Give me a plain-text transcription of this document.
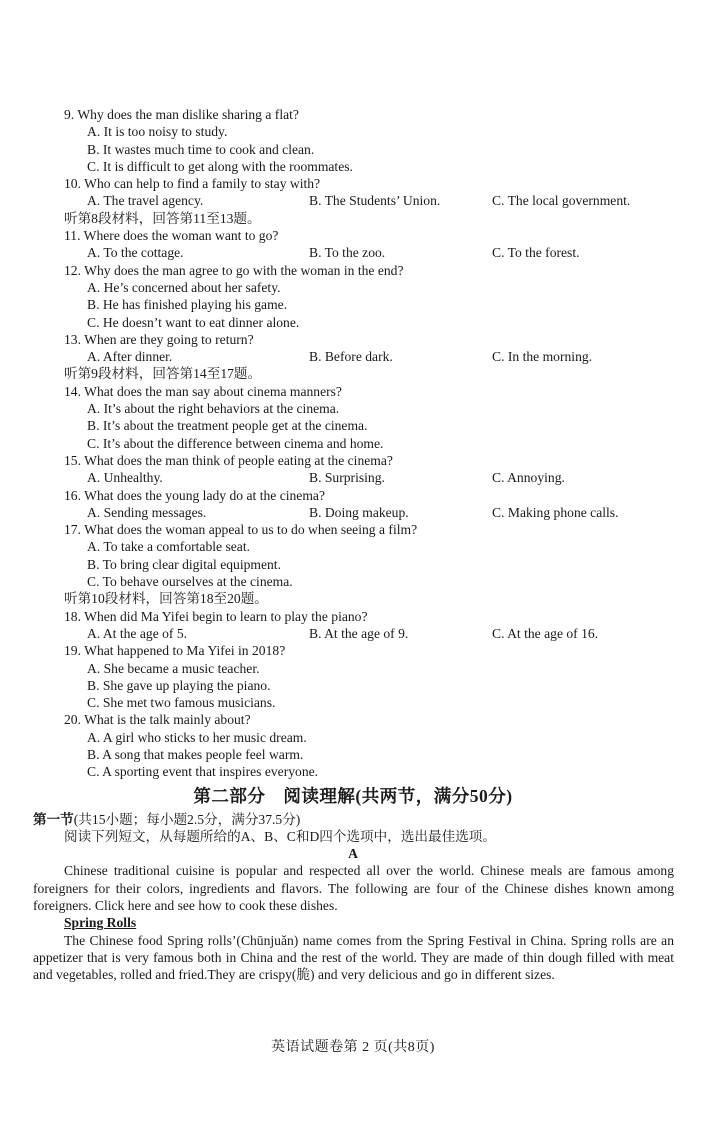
9. Why does the man dislike sharing a flat?
A. It is too noisy to study.
B. It wastes much time to cook and clean.
C. It is difficult to get along with the roommates.
10. Who can help to find a family to stay with?
A. The travel agency.	B. The Students’ Union.	C. The local government.
听第8段材料，回答第11至13题。
11. Where does the woman want to go?
A. To the cottage.	B. To the zoo.	C. To the forest.
12. Why does the man agree to go with the woman in the end?
A. He’s concerned about her safety.
B. He has finished playing his game.
C. He doesn’t want to eat dinner alone.
13. When are they going to return?
A. After dinner.	B. Before dark.	C. In the morning.
听第9段材料，回答第14至17题。
14. What does the man say about cinema manners?
A. It’s about the right behaviors at the cinema.
B. It’s about the treatment people get at the cinema.
C. It’s about the difference between cinema and home.
15. What does the man think of people eating at the cinema?
A. Unhealthy.	B. Surprising.	C. Annoying.
16. What does the young lady do at the cinema?
A. Sending messages.	B. Doing makeup.	C. Making phone calls.
17. What does the woman appeal to us to do when seeing a film?
A. To take a comfortable seat.
B. To bring clear digital equipment.
C. To behave ourselves at the cinema.
听第10段材料，回答第18至20题。
18. When did Ma Yifei begin to learn to play the piano?
A. At the age of 5.	B. At the age of 9.	C. At the age of 16.
19. What happened to Ma Yifei in 2018?
A. She became a music teacher.
B. She gave up playing the piano.
C. She met two famous musicians.
20. What is the talk mainly about?
A. A girl who sticks to her music dream.
B. A song that makes people feel warm.
C. A sporting event that inspires everyone.
第二部分　阅读理解(共两节，满分50分)
第一节(共15小题；每小题2.5分，满分37.5分)
阅读下列短文，从每题所给的A、B、C和D四个选项中，选出最佳选项。
A

Chinese traditional cuisine is popular and respected all over the world. Chinese meals are famous among foreigners for their colors, ingredients and flavors. The following are four of the Chinese dishes known among foreigners. Click here and see how to cook these dishes.

Spring Rolls

The Chinese food Spring rolls’(Chūnjuǎn) name comes from the Spring Festival in China. Spring rolls are an appetizer that is very famous both in China and the rest of the world. They are made of thin dough filled with meat and vegetables, rolled and fried.They are crispy(脆) and very delicious and go in different sizes.

英语试题卷第 2 页(共8页)
